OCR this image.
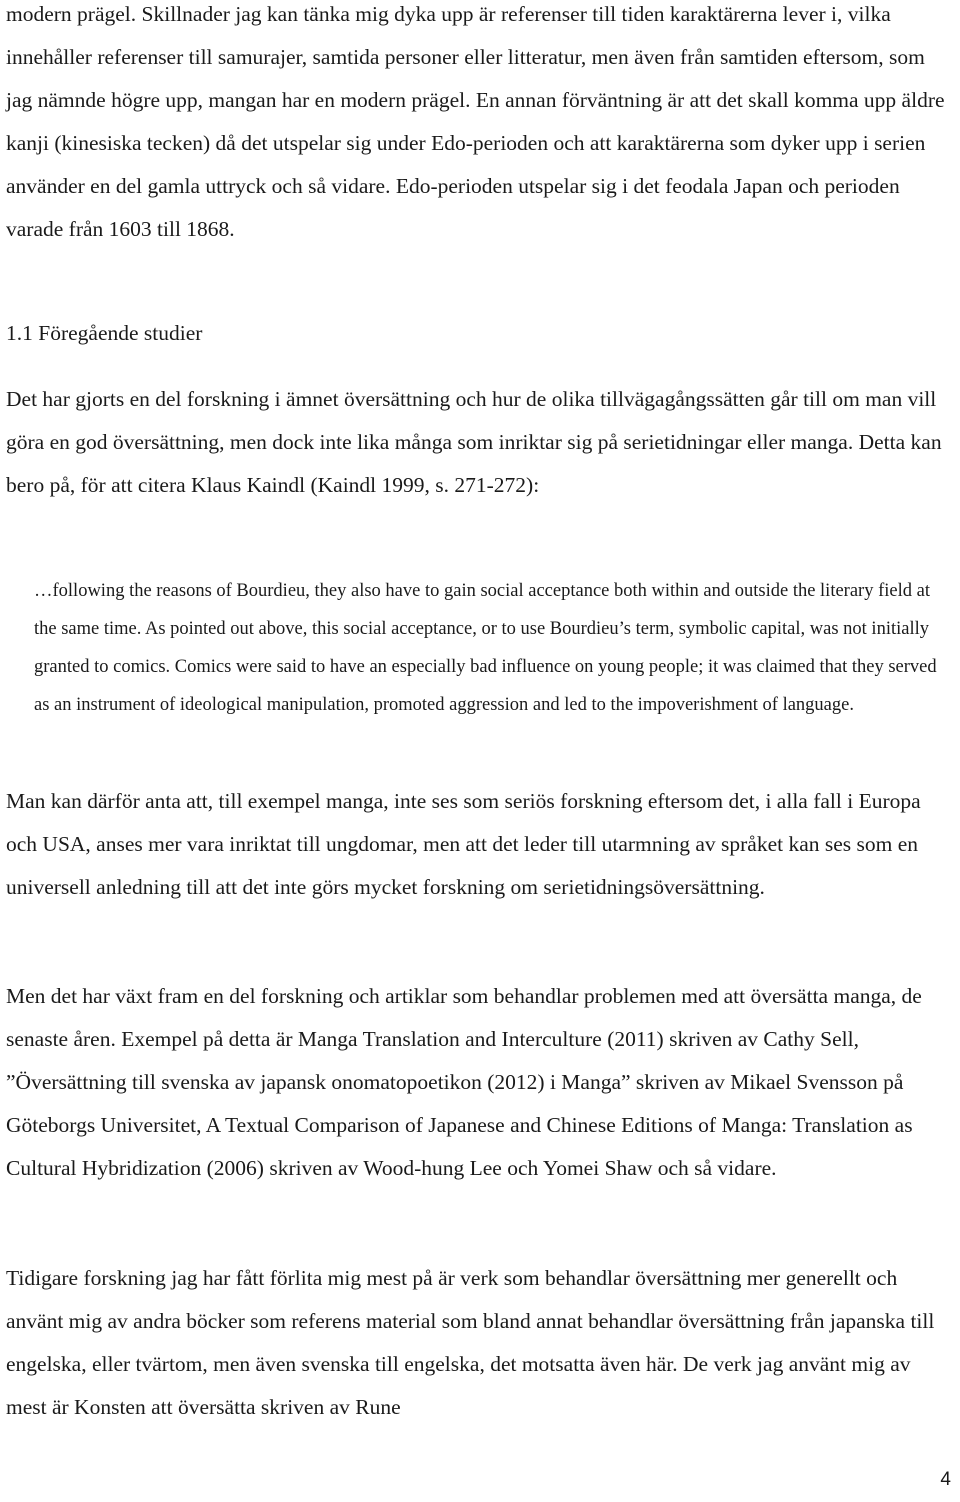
modern prägel. Skillnader jag kan tänka mig dyka upp är referenser till tiden karaktärerna lever i, vilka innehåller referenser till samurajer, samtida personer eller litteratur, men även från samtiden eftersom, som jag nämnde högre upp, mangan har en modern prägel. En annan förväntning är att det skall komma upp äldre kanji (kinesiska tecken) då det utspelar sig under Edo-perioden och att karaktärerna som dyker upp i serien använder en del gamla uttryck och så vidare. Edo-perioden utspelar sig i det feodala Japan och perioden varade från 1603 till 1868.

1.1 Föregående studier

Det har gjorts en del forskning i ämnet översättning och hur de olika tillvägagångssätten går till om man vill göra en god översättning, men dock inte lika många som inriktar sig på serietidningar eller manga. Detta kan bero på, för att citera Klaus Kaindl (Kaindl 1999, s. 271-272):

…following the reasons of Bourdieu, they also have to gain social acceptance both within and outside the literary field at the same time. As pointed out above, this social acceptance, or to use Bourdieu’s term, symbolic capital, was not initially granted to comics. Comics were said to have an especially bad influence on young people; it was claimed that they served as an instrument of ideological manipulation, promoted aggression and led to the impoverishment of language.

Man kan därför anta att, till exempel manga, inte ses som seriös forskning eftersom det, i alla fall i Europa och USA, anses mer vara inriktat till ungdomar, men att det leder till utarmning av språket kan ses som en universell anledning till att det inte görs mycket forskning om serietidningsöversättning.

Men det har växt fram en del forskning och artiklar som behandlar problemen med att översätta manga, de senaste åren. Exempel på detta är Manga Translation and Interculture (2011) skriven av Cathy Sell, ”Översättning till svenska av japansk onomatopoetikon (2012) i Manga” skriven av Mikael Svensson på Göteborgs Universitet, A Textual Comparison of Japanese and Chinese Editions of Manga: Translation as Cultural Hybridization (2006) skriven av Wood-hung Lee och Yomei Shaw och så vidare.

Tidigare forskning jag har fått förlita mig mest på är verk som behandlar översättning mer generellt och använt mig av andra böcker som referens material som bland annat behandlar översättning från japanska till engelska, eller tvärtom, men även svenska till engelska, det motsatta även här. De verk jag använt mig av mest är Konsten att översätta skriven av Rune

4
